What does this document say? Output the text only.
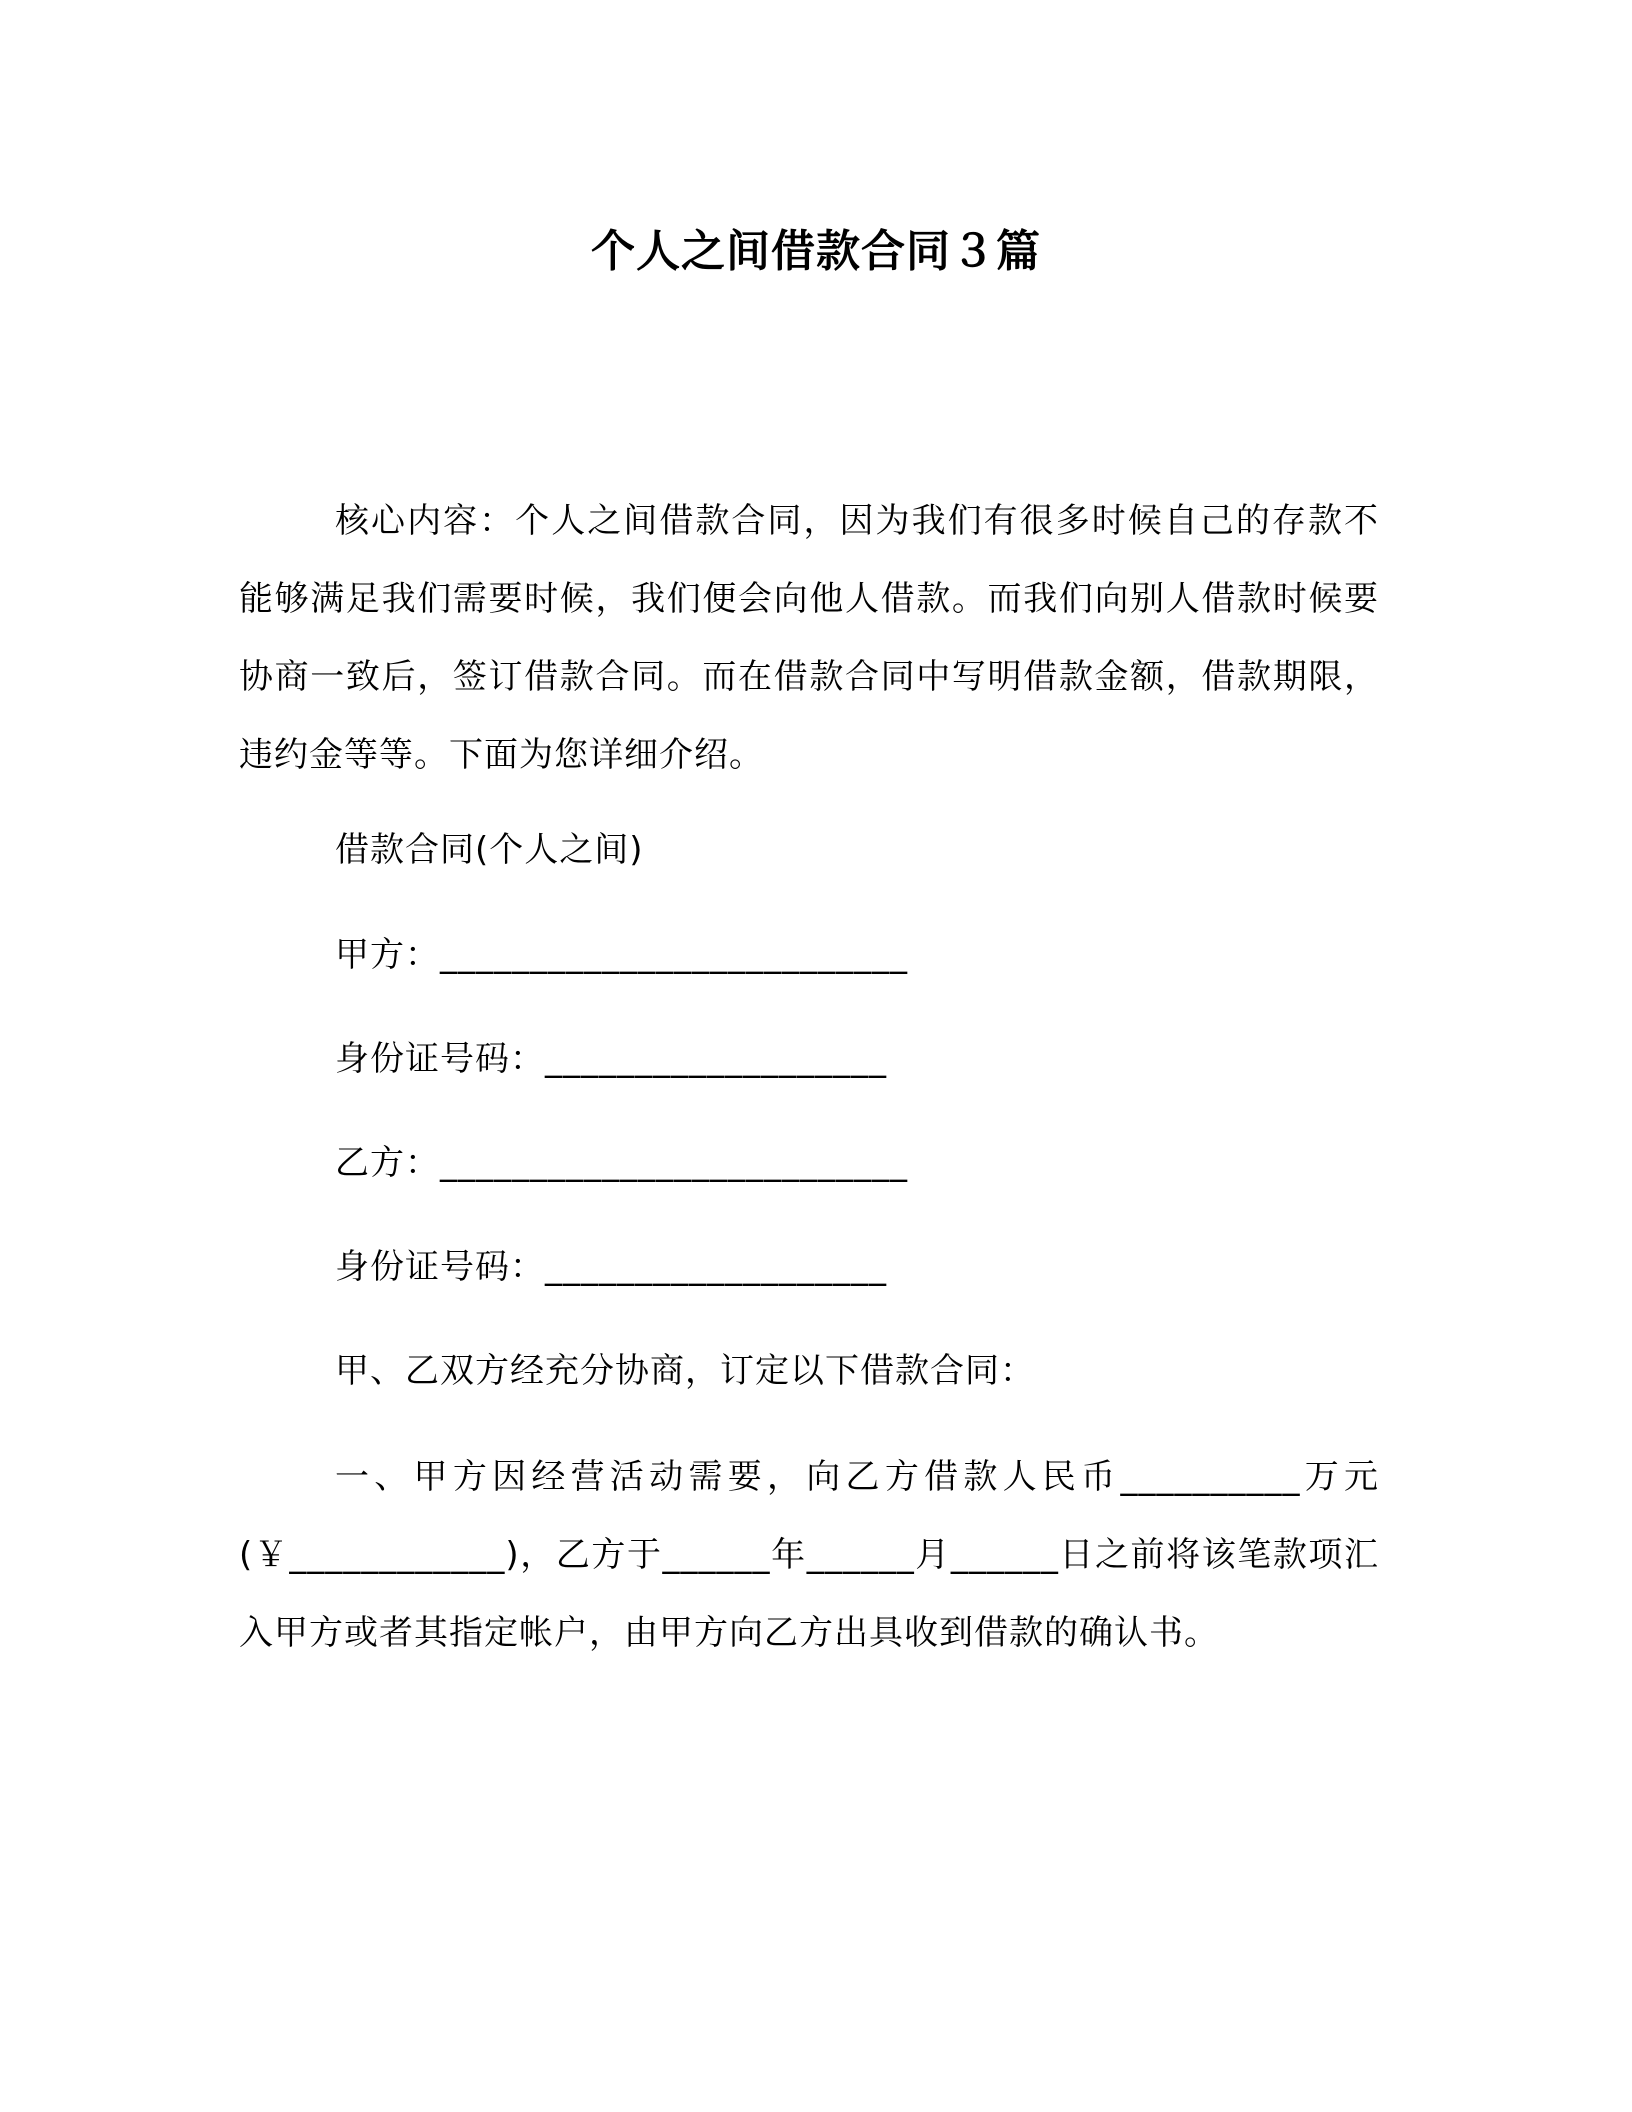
个人之间借款合同３篇

核心内容：个人之间借款合同，因为我们有很多时候自己的存款不能够满足我们需要时候，我们便会向他人借款。而我们向别人借款时候要协商一致后，签订借款合同。而在借款合同中写明借款金额，借款期限，违约金等等。下面为您详细介绍。

借款合同(个人之间)

甲方：__________________________

身份证号码：___________________

乙方：__________________________

身份证号码：___________________

甲、乙双方经充分协商，订定以下借款合同：

一、甲方因经营活动需要，向乙方借款人民币__________万元(￥____________)，乙方于______年______月______日之前将该笔款项汇入甲方或者其指定帐户，由甲方向乙方出具收到借款的确认书。
